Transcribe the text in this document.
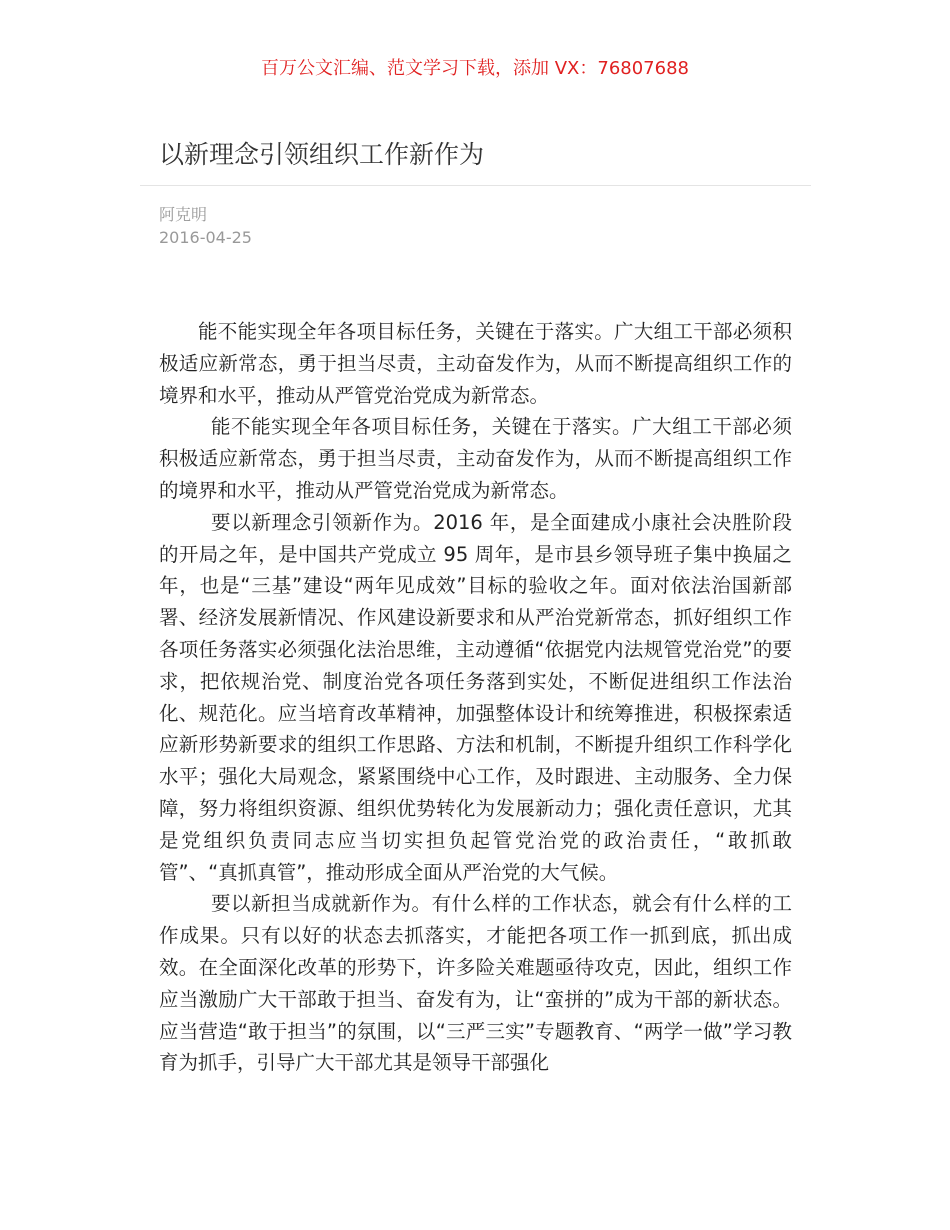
百万公文汇编、范文学习下载，添加 VX：76807688
以新理念引领组织工作新作为
阿克明
2016-04-25

能不能实现全年各项目标任务，关键在于落实。广大组工干部必须积极适应新常态，勇于担当尽责，主动奋发作为，从而不断提高组织工作的境界和水平，推动从严管党治党成为新常态。

能不能实现全年各项目标任务，关键在于落实。广大组工干部必须积极适应新常态，勇于担当尽责，主动奋发作为，从而不断提高组织工作的境界和水平，推动从严管党治党成为新常态。

要以新理念引领新作为。2016 年，是全面建成小康社会决胜阶段的开局之年，是中国共产党成立 95 周年，是市县乡领导班子集中换届之年，也是“三基”建设“两年见成效”目标的验收之年。面对依法治国新部署、经济发展新情况、作风建设新要求和从严治党新常态，抓好组织工作各项任务落实必须强化法治思维，主动遵循“依据党内法规管党治党”的要求，把依规治党、制度治党各项任务落到实处，不断促进组织工作法治化、规范化。应当培育改革精神，加强整体设计和统筹推进，积极探索适应新形势新要求的组织工作思路、方法和机制，不断提升组织工作科学化水平；强化大局观念，紧紧围绕中心工作，及时跟进、主动服务、全力保障，努力将组织资源、组织优势转化为发展新动力；强化责任意识，尤其是党组织负责同志应当切实担负起管党治党的政治责任，“敢抓敢管”、“真抓真管”，推动形成全面从严治党的大气候。

要以新担当成就新作为。有什么样的工作状态，就会有什么样的工作成果。只有以好的状态去抓落实，才能把各项工作一抓到底，抓出成效。在全面深化改革的形势下，许多险关难题亟待攻克，因此，组织工作应当激励广大干部敢于担当、奋发有为，让“蛮拼的”成为干部的新状态。应当营造“敢于担当”的氛围，以“三严三实”专题教育、“两学一做”学习教育为抓手，引导广大干部尤其是领导干部强化
